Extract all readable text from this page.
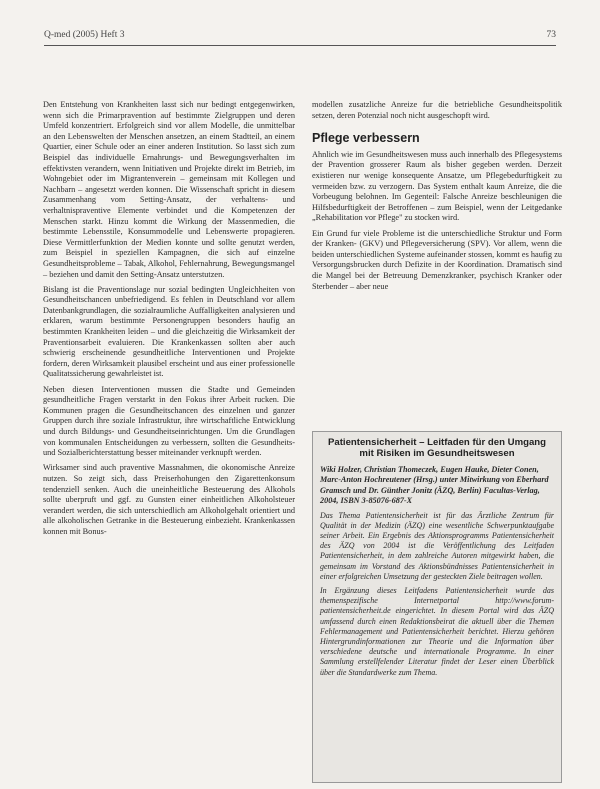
Q-med (2005) Heft 3	73

Den Entstehung von Krankheiten lasst sich nur bedingt entgegenwirken, wenn sich die Primarpravention auf bestimmte Zielgruppen und deren Umfeld konzentriert. Erfolgreich sind vor allem Modelle, die unmittelbar an den Lebenswelten der Menschen ansetzen, an einem Stadtteil, an einem Quartier, einer Schule oder an einer anderen Institution. So lasst sich zum Beispiel das individuelle Ernahrungs- und Bewegungsverhalten im effektivsten verandern, wenn Initiativen und Projekte direkt im Betrieb, im Wohngebiet oder im Migrantenverein – gemeinsam mit Kollegen und Nachbarn – angesetzt werden konnen. Die Wissenschaft spricht in diesem Zusammenhang vom Setting-Ansatz, der verhaltens- und verhaltnispraventive Elemente verbindet und die Kompetenzen der Menschen starkt. Hinzu kommt die Wirkung der Massenmedien, die bestimmte Lebensstile, Konsummodelle und Lebenswerte propagieren. Diese Vermittlerfunktion der Medien konnte und sollte genutzt werden, zum Beispiel in speziellen Kampagnen, die sich auf einzelne Gesundheitsprobleme – Tabak, Alkohol, Fehlernahrung, Bewegungsmangel – beziehen und damit den Setting-Ansatz unterstutzen.

Bislang ist die Praventionslage nur sozial bedingten Ungleichheiten von Gesundheitschancen unbefriedigend. Es fehlen in Deutschland vor allem Datenbankgrundlagen, die sozialraumliche Auffalligkeiten analysieren und erklaren, warum bestimmte Personengruppen besonders haufig an bestimmten Krankheiten leiden – und die gleichzeitig die Wirksamkeit der Praventionsarbeit evaluieren. Die Krankenkassen sollten aber auch schwierig erscheinende gesundheitliche Interventionen und Projekte fordern, deren Wirksamkeit plausibel erscheint und aus einer professionelle Qualitatssicherung gewahrleistet ist.

Neben diesen Interventionen mussen die Stadte und Gemeinden gesundheitliche Fragen verstarkt in den Fokus ihrer Arbeit rucken. Die Kommunen pragen die Gesundheitschancen des einzelnen und ganzer Gruppen durch ihre soziale Infrastruktur, ihre wirtschaftliche Entwicklung und durch Bildungs- und Gesundheitseinrichtungen. Um die Grundlagen von kommunalen Entscheidungen zu verbessern, sollten die Gesundheits- und Sozialberichterstattung besser miteinander verknupft werden.

Wirksamer sind auch praventive Massnahmen, die okonomische Anreize nutzen. So zeigt sich, dass Preiserhohungen den Zigarettenkonsum tendenziell senken. Auch die uneinheitliche Besteuerung des Alkohols sollte uberpruft und ggf. zu Gunsten einer einheitlichen Alkoholsteuer verandert werden, die sich unterschiedlich am Alkoholgehalt orientiert und alle alkoholischen Getranke in die Besteuerung einbezieht. Krankenkassen konnen mit Bonus-

modellen zusatzliche Anreize fur die betriebliche Gesundheitspolitik setzen, deren Potenzial noch nicht ausgeschopft wird.

Pflege verbessern

Ahnlich wie im Gesundheitswesen muss auch innerhalb des Pflegesystems der Pravention grosserer Raum als bisher gegeben werden. Derzeit existieren nur wenige konsequente Ansatze, um Pflegebedurftigkeit zu vermeiden bzw. zu verzogern. Das System enthalt kaum Anreize, die die Vorbeugung belohnen. Im Gegenteil: Falsche Anreize beschleunigen die Hilfsbedurftigkeit der Betroffenen – zum Beispiel, wenn der Leitgedanke „Rehabilitation vor Pflege" zu stocken wird.

Ein Grund fur viele Probleme ist die unterschiedliche Struktur und Form der Kranken- (GKV) und Pflegeversicherung (SPV). Vor allem, wenn die beiden unterschiedlichen Systeme aufeinander stossen, kommt es haufig zu Versorgungsbrucken durch Defizite in der Koordination. Dramatisch sind die Mangel bei der Betreuung Demenzkranker, psychisch Kranker oder Sterbender – aber neue

Patientensicherheit – Leitfaden für den Umgang mit Risiken im Gesundheitswesen
Wiki Holzer, Christian Thomeczek, Eugen Hauke, Dieter Conen, Marc-Anton Hochreutener (Hrsg.) unter Mitwirkung von Eberhard Gramsch und Dr. Günther Jonitz (ÄZQ, Berlin) Facultas-Verlag, 2004, ISBN 3-85076-687-X

Das Thema Patientensicherheit ist für das Ärztliche Zentrum für Qualität in der Medizin (ÄZQ) eine wesentliche Schwerpunktaufgabe seiner Arbeit. Ein Ergebnis des Aktionsprogramms Patientensicherheit des ÄZQ von 2004 ist die Veröffentlichung des Leitfaden Patientensicherheit, in dem zahlreiche Autoren mitgewirkt haben, die gemeinsam im Vorstand des Aktionsbündnisses Patientensicherheit in einer erfolgreichen Umsetzung der gesteckten Ziele beitragen wollen.

In Ergänzung dieses Leitfadens Patientensicherheit wurde das themenspezifische Internetportal http://www.forum-patientensicherheit.de eingerichtet. In diesem Portal wird das ÄZQ umfassend durch einen Redaktionsbeirat die aktuell über die Themen Fehlermanagement und Patientensicherheit berichtet. Hierzu gehören Hintergrundinformationen zur Theorie und die Information über verschiedene deutsche und internationale Programme. In einer Sammlung erstellfelender Literatur findet der Leser einen Überblick über die Standardwerke zum Thema.
